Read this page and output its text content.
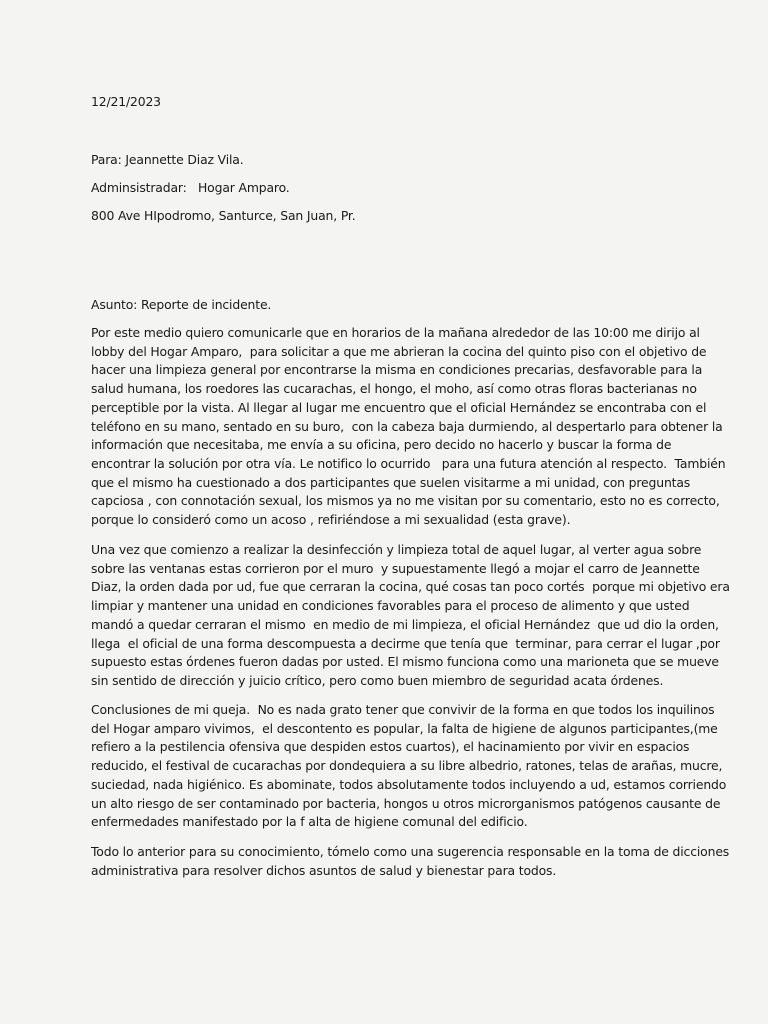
12/21/2023
Para: Jeannette Diaz Vila.
Adminsistradar:   Hogar Amparo.
800 Ave HIpodromo, Santurce, San Juan, Pr.
Asunto: Reporte de incidente.
Por este medio quiero comunicarle que en horarios de la mañana alrededor de las 10:00 me dirijo al
lobby del Hogar Amparo,  para solicitar a que me abrieran la cocina del quinto piso con el objetivo de
hacer una limpieza general por encontrarse la misma en condiciones precarias, desfavorable para la
salud humana, los roedores las cucarachas, el hongo, el moho, así como otras floras bacterianas no
perceptible por la vista. Al llegar al lugar me encuentro que el oficial Hernández se encontraba con el
teléfono en su mano, sentado en su buro,  con la cabeza baja durmiendo, al despertarlo para obtener la
información que necesitaba, me envía a su oficina, pero decido no hacerlo y buscar la forma de
encontrar la solución por otra vía. Le notifico lo ocurrido   para una futura atención al respecto.  También
que el mismo ha cuestionado a dos participantes que suelen visitarme a mi unidad, con preguntas
capciosa , con connotación sexual, los mismos ya no me visitan por su comentario, esto no es correcto,
porque lo consideró como un acoso , refiriéndose a mi sexualidad (esta grave).
Una vez que comienzo a realizar la desinfección y limpieza total de aquel lugar, al verter agua sobre
sobre las ventanas estas corrieron por el muro  y supuestamente llegó a mojar el carro de Jeannette
Diaz, la orden dada por ud, fue que cerraran la cocina, qué cosas tan poco cortés  porque mi objetivo era
limpiar y mantener una unidad en condiciones favorables para el proceso de alimento y que usted
mandó a quedar cerraran el mismo  en medio de mi limpieza, el oficial Hernández  que ud dio la orden,
llega  el oficial de una forma descompuesta a decirme que tenía que  terminar, para cerrar el lugar ,por
supuesto estas órdenes fueron dadas por usted. El mismo funciona como una marioneta que se mueve
sin sentido de dirección y juicio crítico, pero como buen miembro de seguridad acata órdenes.
Conclusiones de mi queja.  No es nada grato tener que convivir de la forma en que todos los inquilinos
del Hogar amparo vivimos,  el descontento es popular, la falta de higiene de algunos participantes,(me
refiero a la pestilencia ofensiva que despiden estos cuartos), el hacinamiento por vivir en espacios
reducido, el festival de cucarachas por dondequiera a su libre albedrio, ratones, telas de arañas, mucre,
suciedad, nada higiénico. Es abominate, todos absolutamente todos incluyendo a ud, estamos corriendo
un alto riesgo de ser contaminado por bacteria, hongos u otros microrganismos patógenos causante de
enfermedades manifestado por la f alta de higiene comunal del edificio.
Todo lo anterior para su conocimiento, tómelo como una sugerencia responsable en la toma de dicciones
administrativa para resolver dichos asuntos de salud y bienestar para todos.
